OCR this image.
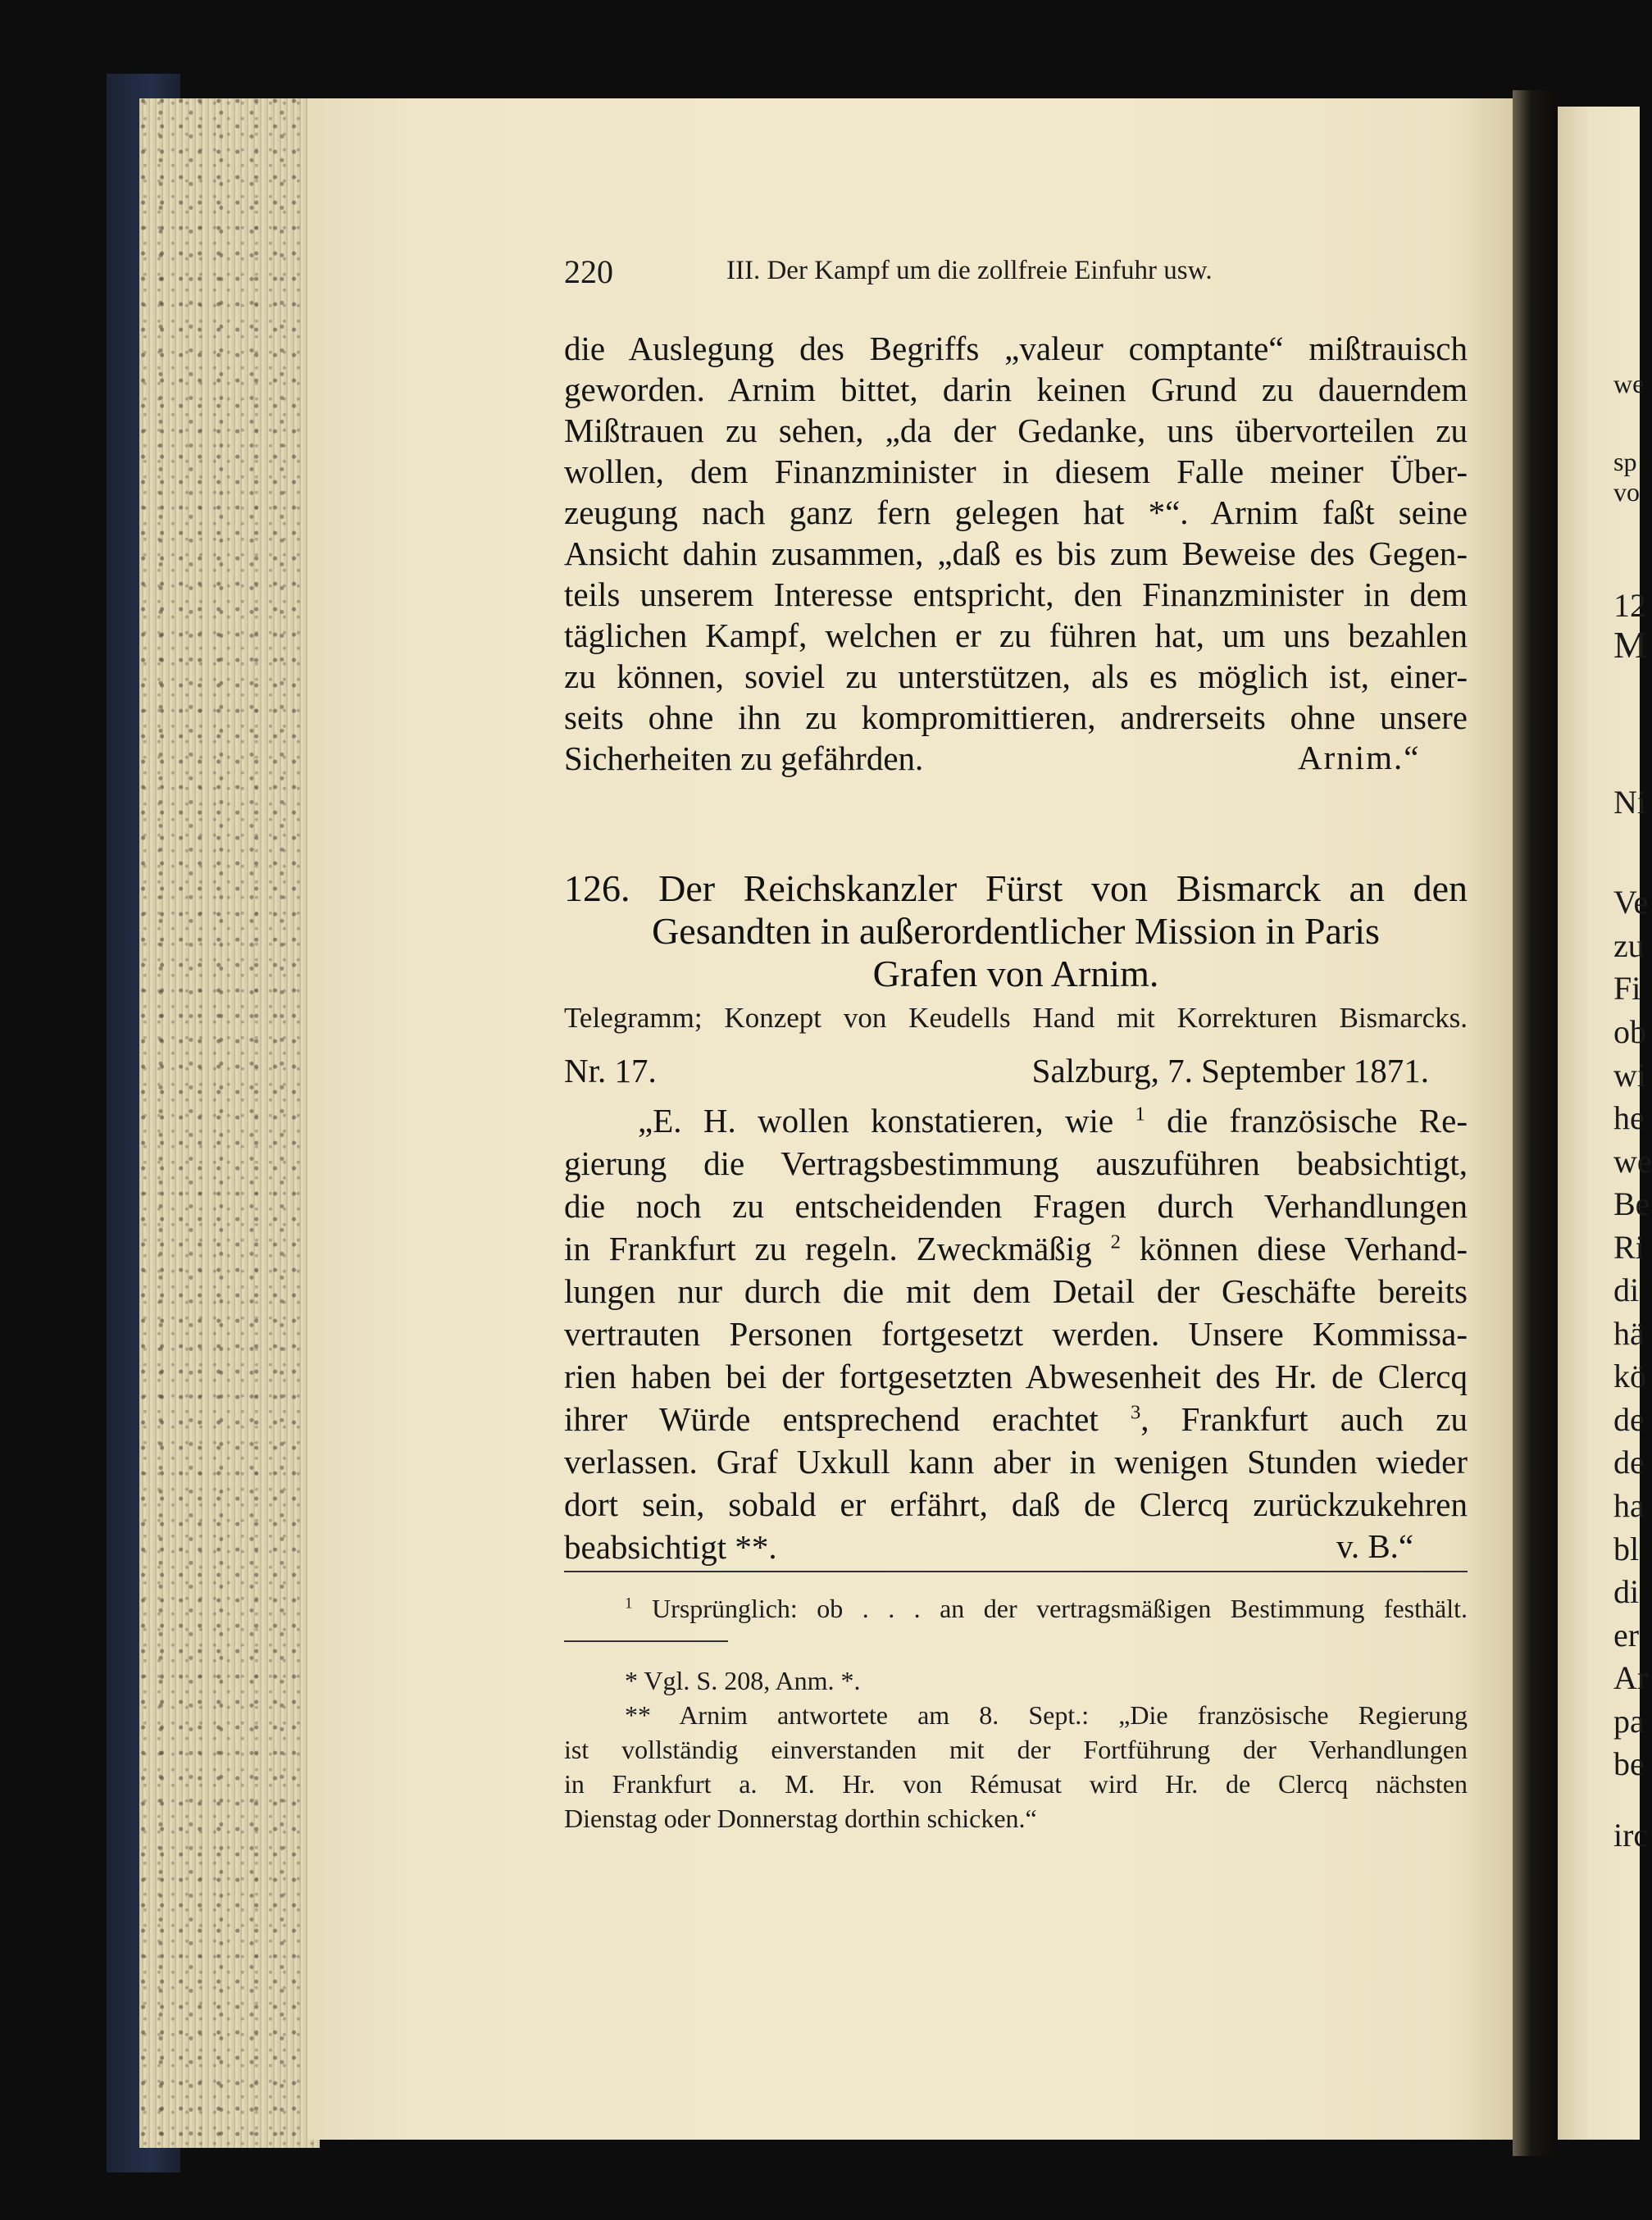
we
sp
vo
12
M
Ni
Ve
zu
Fi
ob
wi
he
we
Be
Ri
di
hä
kö
de
de
ha
bl
di
er
Ar
pa
be
irc
220	III. Der Kampf um die zollfreie Einfuhr usw.
die Auslegung des Begriffs „valeur comptante“ mißtrauisch
geworden. Arnim bittet, darin keinen Grund zu dauerndem
Mißtrauen zu sehen, „da der Gedanke, uns übervorteilen zu
wollen, dem Finanzminister in diesem Falle meiner Über-
zeugung nach ganz fern gelegen hat *“. Arnim faßt seine
Ansicht dahin zusammen, „daß es bis zum Beweise des Gegen-
teils unserem Interesse entspricht, den Finanzminister in dem
täglichen Kampf, welchen er zu führen hat, um uns bezahlen
zu können, soviel zu unterstützen, als es möglich ist, einer-
seits ohne ihn zu kompromittieren, andrerseits ohne unsere
Sicherheiten zu gefährden.	Arnim.“
126. Der Reichskanzler Fürst von Bismarck an den
Gesandten in außerordentlicher Mission in Paris
Grafen von Arnim.
Telegramm; Konzept von Keudells Hand mit Korrekturen Bismarcks.
Nr. 17.	Salzburg, 7. September 1871.
„E. H. wollen konstatieren, wie $^1$ die französische Re-
gierung die Vertragsbestimmung auszuführen beabsichtigt,
die noch zu entscheidenden Fragen durch Verhandlungen
in Frankfurt zu regeln. Zweckmäßig $^2$ können diese Verhand-
lungen nur durch die mit dem Detail der Geschäfte bereits
vertrauten Personen fortgesetzt werden. Unsere Kommissa-
rien haben bei der fortgesetzten Abwesenheit des Hr. de Clercq
ihrer Würde entsprechend erachtet $^3$, Frankfurt auch zu
verlassen. Graf Uxkull kann aber in wenigen Stunden wieder
dort sein, sobald er erfährt, daß de Clercq zurückzukehren
beabsichtigt **.	v. B.“
$^1$ Ursprünglich: ob . . . an der vertragsmäßigen Bestimmung festhält.
* Vgl. S. 208, Anm. *.
** Arnim antwortete am 8. Sept.: „Die französische Regierung
ist vollständig einverstanden mit der Fortführung der Verhandlungen
in Frankfurt a. M. Hr. von Rémusat wird Hr. de Clercq nächsten
Dienstag oder Donnerstag dorthin schicken.“
